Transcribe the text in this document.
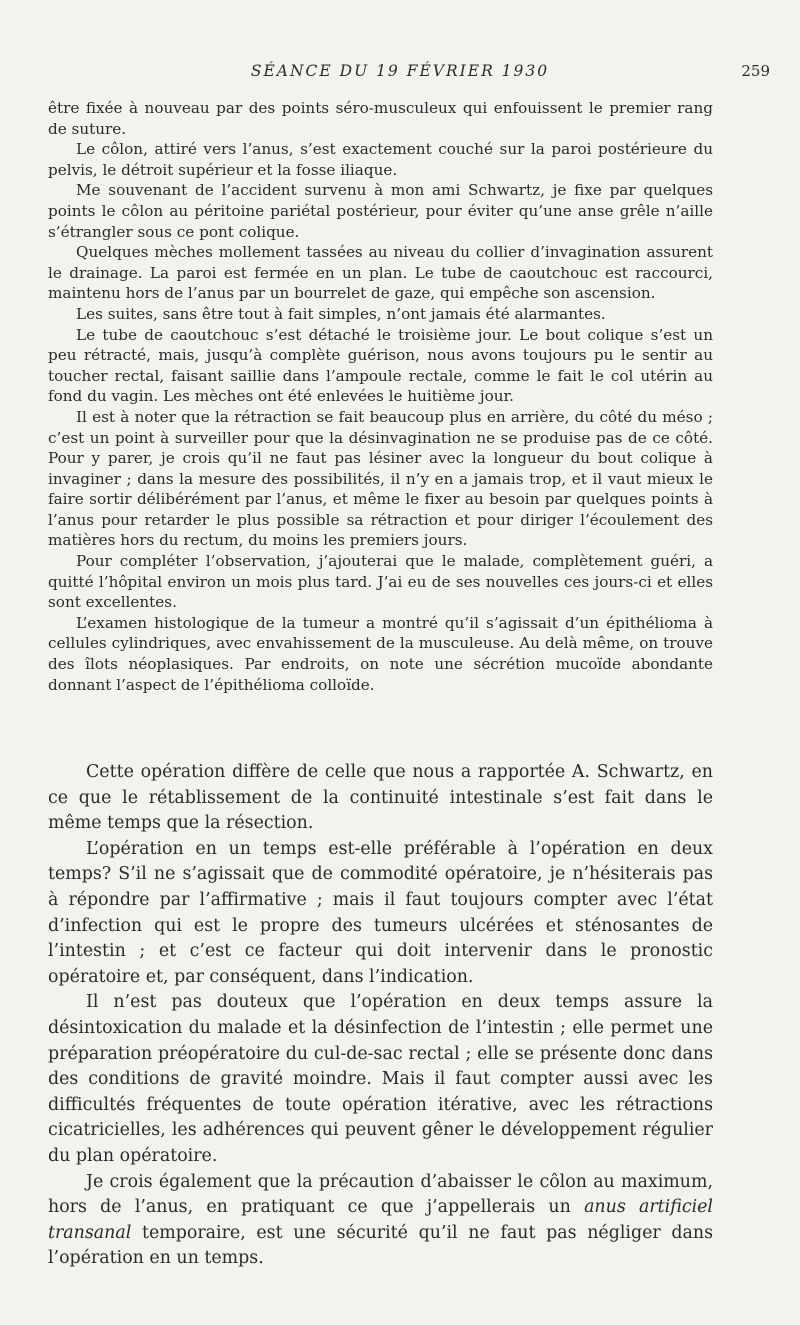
SÉANCE DU 19 FÉVRIER 1930	259

être fixée à nouveau par des points séro-musculeux qui enfouissent le premier rang de suture.

Le côlon, attiré vers l’anus, s’est exactement couché sur la paroi postérieure du pelvis, le détroit supérieur et la fosse iliaque.

Me souvenant de l’accident survenu à mon ami Schwartz, je fixe par quelques points le côlon au péritoine pariétal postérieur, pour éviter qu’une anse grêle n’aille s’étrangler sous ce pont colique.

Quelques mèches mollement tassées au niveau du collier d’invagination assurent le drainage. La paroi est fermée en un plan. Le tube de caoutchouc est raccourci, maintenu hors de l’anus par un bourrelet de gaze, qui empêche son ascension.

Les suites, sans être tout à fait simples, n’ont jamais été alarmantes.

Le tube de caoutchouc s’est détaché le troisième jour. Le bout colique s’est un peu rétracté, mais, jusqu’à complète guérison, nous avons toujours pu le sentir au toucher rectal, faisant saillie dans l’ampoule rectale, comme le fait le col utérin au fond du vagin. Les mèches ont été enlevées le huitième jour.

Il est à noter que la rétraction se fait beaucoup plus en arrière, du côté du méso ; c’est un point à surveiller pour que la désinvagination ne se produise pas de ce côté. Pour y parer, je crois qu’il ne faut pas lésiner avec la longueur du bout colique à invaginer ; dans la mesure des possibilités, il n’y en a jamais trop, et il vaut mieux le faire sortir délibérément par l’anus, et même le fixer au besoin par quelques points à l’anus pour retarder le plus possible sa rétraction et pour diriger l’écoulement des matières hors du rectum, du moins les premiers jours.

Pour compléter l’observation, j’ajouterai que le malade, complètement guéri, a quitté l’hôpital environ un mois plus tard. J’ai eu de ses nouvelles ces jours-ci et elles sont excellentes.

L’examen histologique de la tumeur a montré qu’il s’agissait d’un épithélioma à cellules cylindriques, avec envahissement de la musculeuse. Au delà même, on trouve des îlots néoplasiques. Par endroits, on note une sécrétion mucoïde abondante donnant l’aspect de l’épithélioma colloïde.

Cette opération diffère de celle que nous a rapportée A. Schwartz, en ce que le rétablissement de la continuité intestinale s’est fait dans le même temps que la résection.

L’opération en un temps est-elle préférable à l’opération en deux temps? S’il ne s’agissait que de commodité opératoire, je n’hésiterais pas à répondre par l’affirmative ; mais il faut toujours compter avec l’état d’infection qui est le propre des tumeurs ulcérées et sténosantes de l’intestin ; et c’est ce facteur qui doit intervenir dans le pronostic opératoire et, par conséquent, dans l’indication.

Il n’est pas douteux que l’opération en deux temps assure la désintoxication du malade et la désinfection de l’intestin ; elle permet une préparation préopératoire du cul-de-sac rectal ; elle se présente donc dans des conditions de gravité moindre. Mais il faut compter aussi avec les difficultés fréquentes de toute opération itérative, avec les rétractions cicatricielles, les adhérences qui peuvent gêner le développement régulier du plan opératoire.

Je crois également que la précaution d’abaisser le côlon au maximum, hors de l’anus, en pratiquant ce que j’appellerais un anus artificiel transanal temporaire, est une sécurité qu’il ne faut pas négliger dans l’opération en un temps.
